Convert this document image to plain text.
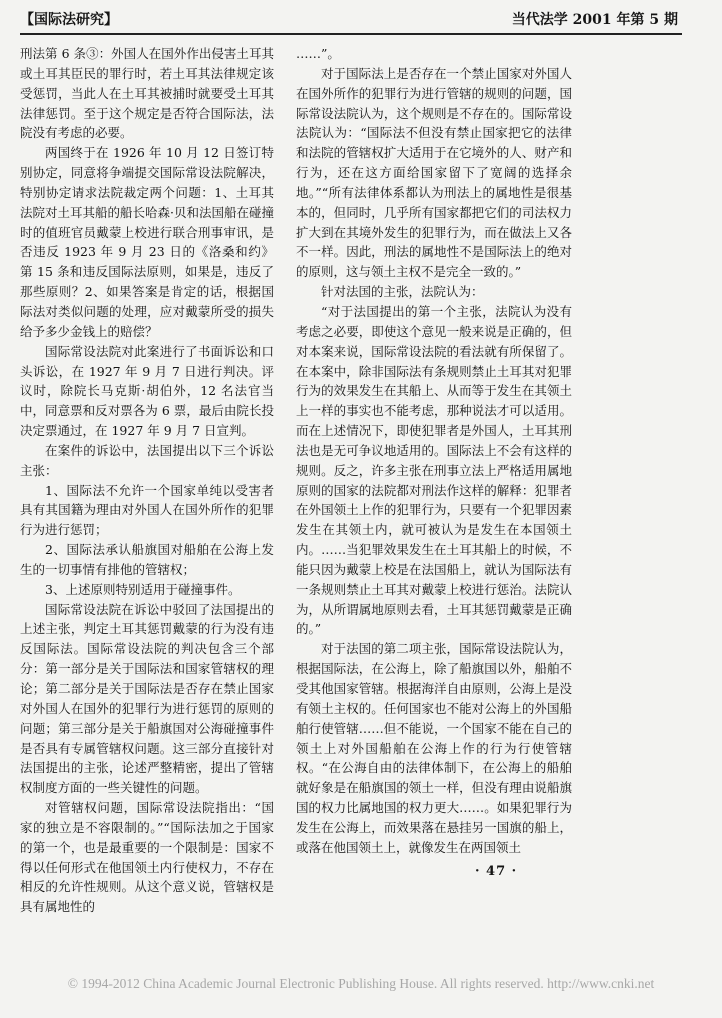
【国际法研究】	当代法学 2001 年第 5 期

刑法第 6 条③：外国人在国外作出侵害土耳其或土耳其臣民的罪行时，若土耳其法律规定该受惩罚，当此人在土耳其被捕时就要受土耳其法律惩罚。至于这个规定是否符合国际法，法院没有考虑的必要。

两国终于在 1926 年 10 月 12 日签订特别协定，同意将争端提交国际常设法院解决，特别协定请求法院裁定两个问题：1、土耳其法院对土耳其船的船长哈森·贝和法国船在碰撞时的值班官员戴蒙上校进行联合刑事审讯，是否违反 1923 年 9 月 23 日的《洛桑和约》第 15 条和违反国际法原则，如果是，违反了那些原则？2、如果答案是肯定的话，根据国际法对类似问题的处理，应对戴蒙所受的损失给予多少金钱上的赔偿？

国际常设法院对此案进行了书面诉讼和口头诉讼，在 1927 年 9 月 7 日进行判决。评议时，除院长马克斯·胡伯外，12 名法官当中，同意票和反对票各为 6 票，最后由院长投决定票通过，在 1927 年 9 月 7 日宣判。

在案件的诉讼中，法国提出以下三个诉讼主张：

1、国际法不允许一个国家单纯以受害者具有其国籍为理由对外国人在国外所作的犯罪行为进行惩罚；

2、国际法承认船旗国对船舶在公海上发生的一切事情有排他的管辖权；

3、上述原则特别适用于碰撞事件。

国际常设法院在诉讼中驳回了法国提出的上述主张，判定土耳其惩罚戴蒙的行为没有违反国际法。国际常设法院的判决包含三个部分：第一部分是关于国际法和国家管辖权的理论；第二部分是关于国际法是否存在禁止国家对外国人在国外的犯罪行为进行惩罚的原则的问题；第三部分是关于船旗国对公海碰撞事件是否具有专属管辖权问题。这三部分直接针对法国提出的主张，论述严整精密，提出了管辖权制度方面的一些关键性的问题。

对管辖权问题，国际常设法院指出：“国家的独立是不容限制的。”“国际法加之于国家的第一个，也是最重要的一个限制是：国家不得以任何形式在他国领土内行使权力，不存在相反的允许性规则。从这个意义说，管辖权是具有属地性的

……”。

对于国际法上是否存在一个禁止国家对外国人在国外所作的犯罪行为进行管辖的规则的问题，国际常设法院认为，这个规则是不存在的。国际常设法院认为：“国际法不但没有禁止国家把它的法律和法院的管辖权扩大适用于在它境外的人、财产和行为，还在这方面给国家留下了宽阔的选择余地。”“所有法律体系都认为刑法上的属地性是很基本的，但同时，几乎所有国家都把它们的司法权力扩大到在其境外发生的犯罪行为，而在做法上又各不一样。因此，刑法的属地性不是国际法上的绝对的原则，这与领土主权不是完全一致的。”

针对法国的主张，法院认为：

“对于法国提出的第一个主张，法院认为没有考虑之必要，即使这个意见一般来说是正确的，但对本案来说，国际常设法院的看法就有所保留了。在本案中，除非国际法有条规则禁止土耳其对犯罪行为的效果发生在其船上、从而等于发生在其领土上一样的事实也不能考虑，那种说法才可以适用。而在上述情况下，即使犯罪者是外国人，土耳其刑法也是无可争议地适用的。国际法上不会有这样的规则。反之，许多主张在刑事立法上严格适用属地原则的国家的法院都对刑法作这样的解释：犯罪者在外国领土上作的犯罪行为，只要有一个犯罪因素发生在其领土内，就可被认为是发生在本国领土内。……当犯罪效果发生在土耳其船上的时候，不能只因为戴蒙上校是在法国船上，就认为国际法有一条规则禁止土耳其对戴蒙上校进行惩治。法院认为，从所谓属地原则去看，土耳其惩罚戴蒙是正确的。”

对于法国的第二项主张，国际常设法院认为，根据国际法，在公海上，除了船旗国以外，船舶不受其他国家管辖。根据海洋自由原则，公海上是没有领土主权的。任何国家也不能对公海上的外国船舶行使管辖……但不能说，一个国家不能在自己的领土上对外国船舶在公海上作的行为行使管辖权。“在公海自由的法律体制下，在公海上的船舶就好象是在船旗国的领土一样，但没有理由说船旗国的权力比属地国的权力更大……。如果犯罪行为发生在公海上，而效果落在悬挂另一国旗的船上，或落在他国领土上，就像发生在两国领土

· 47 ·
© 1994-2012 China Academic Journal Electronic Publishing House. All rights reserved. http://www.cnki.net
